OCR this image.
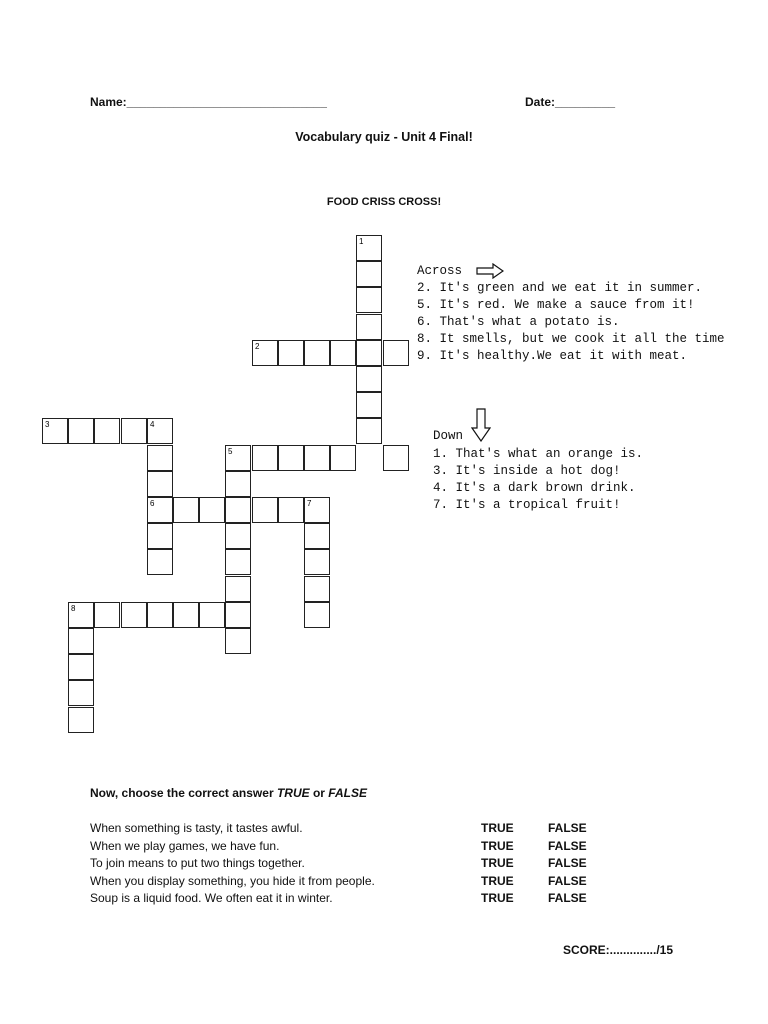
Name:______________________________	Date:_________
Vocabulary quiz - Unit 4 Final!
FOOD CRISS CROSS!
1
2
3	4
6
5
7
8
Across
2. It's green and we eat it in summer.
5. It's red. We make a sauce from it!
6. That's what a potato is.
8. It smells, but we cook it all the time
9. It's healthy.We eat it with meat.
Down
1. That's what an orange is.
3. It's inside a hot dog!
4. It's a dark brown drink.
7. It's a tropical fruit!
Now, choose the correct answer TRUE or FALSE
When something is tasty, it tastes awful.	TRUE	FALSE
When we play games, we have fun.	TRUE	FALSE
To join means to put two things together.	TRUE	FALSE
When you display something, you hide it from people.	TRUE	FALSE
Soup is a liquid food. We often eat it in winter.	TRUE	FALSE
SCORE:............../15
